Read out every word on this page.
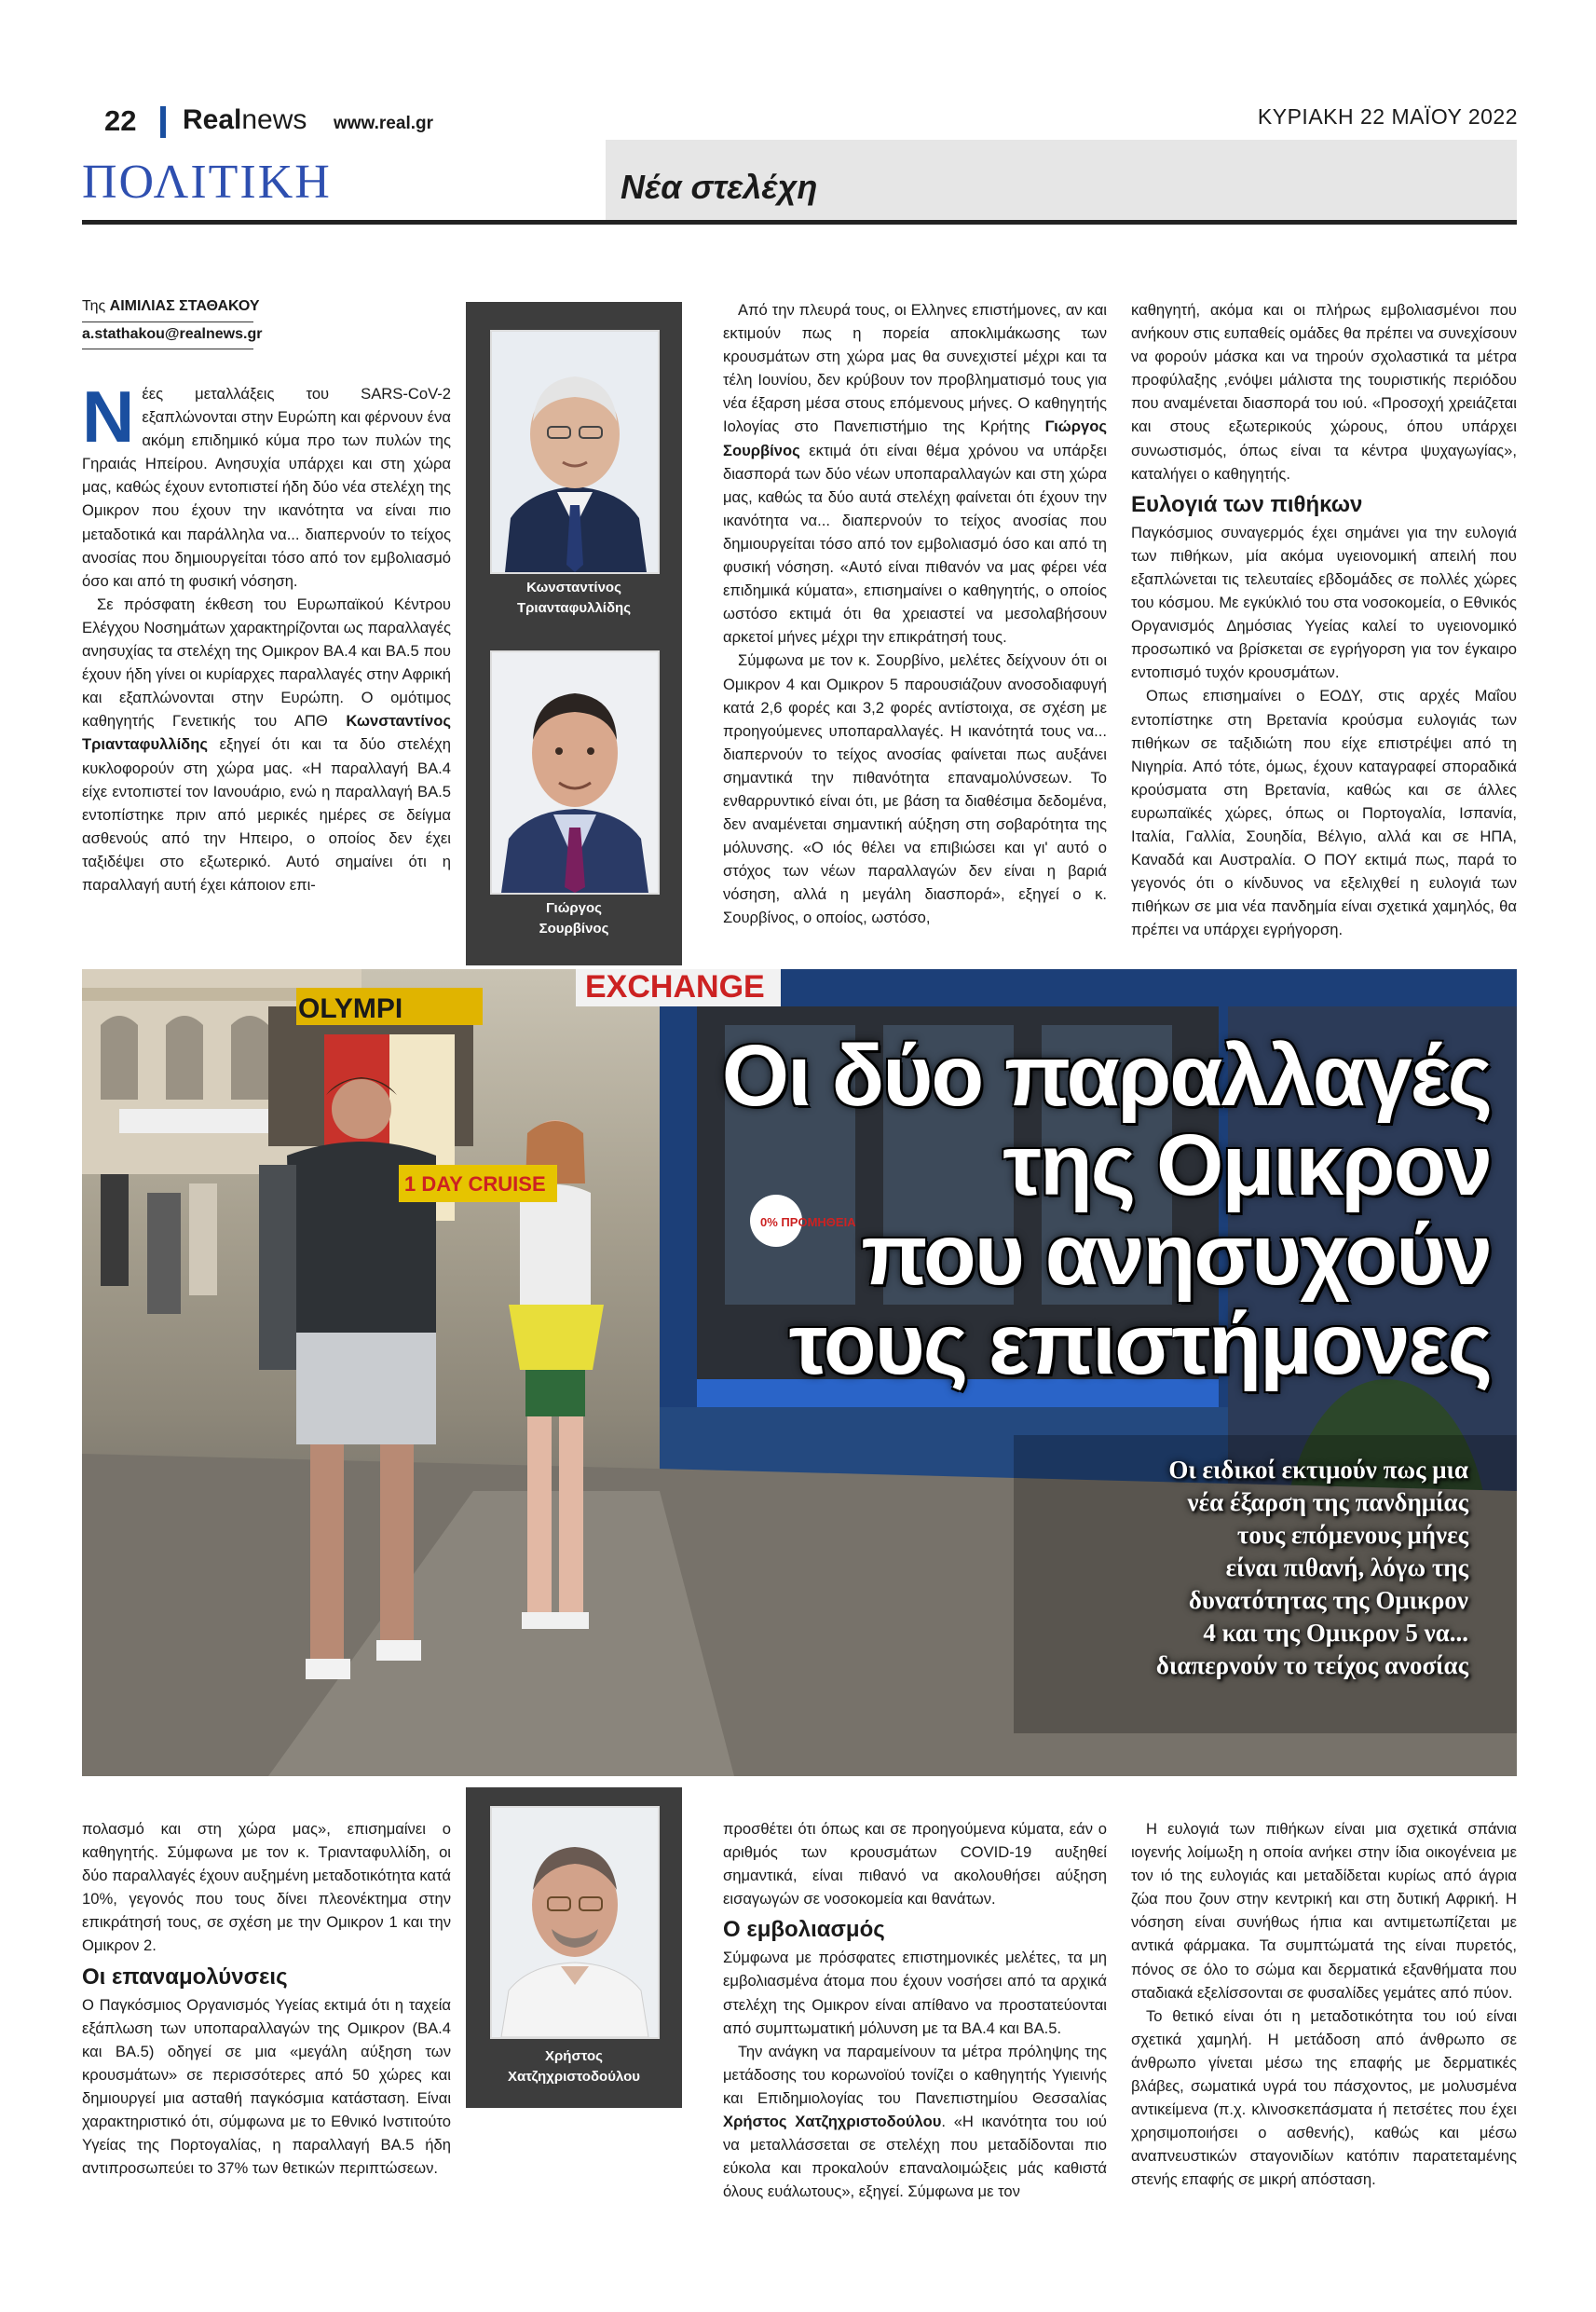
22 Realnews www.real.gr	ΚΥΡΙΑΚΗ 22 ΜΑΪΟΥ 2022
ΠΟΛΙΤΙΚΗ	Νέα στελέχη
Της ΑΙΜΙΛΙΑΣ ΣΤΑΘΑΚΟΥ
a.stathakou@realnews.gr

Νέες μεταλλάξεις του SARS-CoV-2 εξαπλώνονται στην Ευρώπη και φέρνουν ένα ακόμη επιδημικό κύμα προ των πυλών της Γηραιάς Ηπείρου. Ανησυχία υπάρχει και στη χώρα μας, καθώς έχουν εντοπιστεί ήδη δύο νέα στελέχη της Ομικρον που έχουν την ικανότητα να είναι πιο μεταδοτικά και παράλληλα να... διαπερνούν το τείχος ανοσίας που δημιουργείται τόσο από τον εμβολιασμό όσο και από τη φυσική νόσηση.

Σε πρόσφατη έκθεση του Ευρωπαϊκού Κέντρου Ελέγχου Νοσημάτων χαρακτηρίζονται ως παραλλαγές ανησυχίας τα στελέχη της Ομικρον ΒΑ.4 και ΒΑ.5 που έχουν ήδη γίνει οι κυρίαρχες παραλλαγές στην Αφρική και εξαπλώνονται στην Ευρώπη. Ο ομότιμος καθηγητής Γενετικής του ΑΠΘ Κωνσταντίνος Τριανταφυλλίδης εξηγεί ότι και τα δύο στελέχη κυκλοφορούν στη χώρα μας. «Η παραλλαγή ΒΑ.4 είχε εντοπιστεί τον Ιανουάριο, ενώ η παραλλαγή ΒΑ.5 εντοπίστηκε πριν από μερικές ημέρες σε δείγμα ασθενούς από την Ηπειρο, ο οποίος δεν έχει ταξιδέψει στο εξωτερικό. Αυτό σημαίνει ότι η παραλλαγή αυτή έχει κάποιον επι-

Κωνσταντίνος
Τριανταφυλλίδης
Γιώργος
Σουρβίνος

Από την πλευρά τους, οι Ελληνες επιστήμονες, αν και εκτιμούν πως η πορεία αποκλιμάκωσης των κρουσμάτων στη χώρα μας θα συνεχιστεί μέχρι και τα τέλη Ιουνίου, δεν κρύβουν τον προβληματισμό τους για νέα έξαρση μέσα στους επόμενους μήνες. Ο καθηγητής Ιολογίας στο Πανεπιστήμιο της Κρήτης Γιώργος Σουρβίνος εκτιμά ότι είναι θέμα χρόνου να υπάρξει διασπορά των δύο νέων υποπαραλλαγών και στη χώρα μας, καθώς τα δύο αυτά στελέχη φαίνεται ότι έχουν την ικανότητα να... διαπερνούν το τείχος ανοσίας που δημιουργείται τόσο από τον εμβολιασμό όσο και από τη φυσική νόσηση. «Αυτό είναι πιθανόν να μας φέρει νέα επιδημικά κύματα», επισημαίνει ο καθηγητής, ο οποίος ωστόσο εκτιμά ότι θα χρειαστεί να μεσολαβήσουν αρκετοί μήνες μέχρι την επικράτησή τους.

Σύμφωνα με τον κ. Σουρβίνο, μελέτες δείχνουν ότι οι Ομικρον 4 και Ομικρον 5 παρουσιάζουν ανοσοδιαφυγή κατά 2,6 φορές και 3,2 φορές αντίστοιχα, σε σχέση με προηγούμενες υποπαραλλαγές. Η ικανότητά τους να... διαπερνούν το τείχος ανοσίας φαίνεται πως αυξάνει σημαντικά την πιθανότητα επαναμολύνσεων. Το ενθαρρυντικό είναι ότι, με βάση τα διαθέσιμα δεδομένα, δεν αναμένεται σημαντική αύξηση στη σοβαρότητα της μόλυνσης. «Ο ιός θέλει να επιβιώσει και γι' αυτό ο στόχος των νέων παραλλαγών δεν είναι η βαριά νόσηση, αλλά η μεγάλη διασπορά», εξηγεί ο κ. Σουρβίνος, ο οποίος, ωστόσο,

καθηγητή, ακόμα και οι πλήρως εμβολιασμένοι που ανήκουν στις ευπαθείς ομάδες θα πρέπει να συνεχίσουν να φορούν μάσκα και να τηρούν σχολαστικά τα μέτρα προφύλαξης ,ενόψει μάλιστα της τουριστικής περιόδου που αναμένεται διασπορά του ιού. «Προσοχή χρειάζεται και στους εξωτερικούς χώρους, όπου υπάρχει συνωστισμός, όπως είναι τα κέντρα ψυχαγωγίας», καταλήγει ο καθηγητής.

Ευλογιά των πιθήκων

Παγκόσμιος συναγερμός έχει σημάνει για την ευλογιά των πιθήκων, μία ακόμα υγειονομική απειλή που εξαπλώνεται τις τελευταίες εβδομάδες σε πολλές χώρες του κόσμου. Με εγκύκλιό του στα νοσοκομεία, ο Εθνικός Οργανισμός Δημόσιας Υγείας καλεί το υγειονομικό προσωπικό να βρίσκεται σε εγρήγορση για τον έγκαιρο εντοπισμό τυχόν κρουσμάτων.

Οπως επισημαίνει ο ΕΟΔΥ, στις αρχές Μαΐου εντοπίστηκε στη Βρετανία κρούσμα ευλογιάς των πιθήκων σε ταξιδιώτη που είχε επιστρέψει από τη Νιγηρία. Από τότε, όμως, έχουν καταγραφεί σποραδικά κρούσματα στη Βρετανία, καθώς και σε άλλες ευρωπαϊκές χώρες, όπως οι Πορτογαλία, Ισπανία, Ιταλία, Γαλλία, Σουηδία, Βέλγιο, αλλά και σε ΗΠΑ, Καναδά και Αυστραλία. Ο ΠΟΥ εκτιμά πως, παρά το γεγονός ότι ο κίνδυνος να εξελιχθεί η ευλογιά των πιθήκων σε μια νέα πανδημία είναι σχετικά χαμηλός, θα πρέπει να υπάρχει εγρήγορση.

EXCHANGE
OLYMPI
1 DAY CRUISE
0% ΠΡΟΜΗΘΕΙΑ
Οι δύο παραλλαγές
της Ομικρον
που ανησυχούν
τους επιστήμονες
Οι ειδικοί εκτιμούν πως μια
νέα έξαρση της πανδημίας
τους επόμενους μήνες
είναι πιθανή, λόγω της
δυνατότητας της Ομικρον
4 και της Ομικρον 5 να...
διαπερνούν το τείχος ανοσίας

πολασμό και στη χώρα μας», επισημαίνει ο καθηγητής. Σύμφωνα με τον κ. Τριανταφυλλίδη, οι δύο παραλλαγές έχουν αυξημένη μεταδοτικότητα κατά 10%, γεγονός που τους δίνει πλεονέκτημα στην επικράτησή τους, σε σχέση με την Ομικρον 1 και την Ομικρον 2.

Οι επαναμολύνσεις

Ο Παγκόσμιος Οργανισμός Υγείας εκτιμά ότι η ταχεία εξάπλωση των υποπαραλλαγών της Ομικρον (ΒΑ.4 και ΒΑ.5) οδηγεί σε μια «μεγάλη αύξηση των κρουσμάτων» σε περισσότερες από 50 χώρες και δημιουργεί μια ασταθή παγκόσμια κατάσταση. Είναι χαρακτηριστικό ότι, σύμφωνα με το Εθνικό Ινστιτούτο Υγείας της Πορτογαλίας, η παραλλαγή ΒΑ.5 ήδη αντιπροσωπεύει το 37% των θετικών περιπτώσεων.

Χρήστος
Χατζηχριστοδούλου

προσθέτει ότι όπως και σε προηγούμενα κύματα, εάν ο αριθμός των κρουσμάτων COVID-19 αυξηθεί σημαντικά, είναι πιθανό να ακολουθήσει αύξηση εισαγωγών σε νοσοκομεία και θανάτων.

Ο εμβολιασμός

Σύμφωνα με πρόσφατες επιστημονικές μελέτες, τα μη εμβολιασμένα άτομα που έχουν νοσήσει από τα αρχικά στελέχη της Ομικρον είναι απίθανο να προστατεύονται από συμπτωματική μόλυνση με τα ΒΑ.4 και ΒΑ.5.

Την ανάγκη να παραμείνουν τα μέτρα πρόληψης της μετάδοσης του κορωνοϊού τονίζει ο καθηγητής Υγιεινής και Επιδημιολογίας του Πανεπιστημίου Θεσσαλίας Χρήστος Χατζηχριστοδούλου. «Η ικανότητα του ιού να μεταλλάσσεται σε στελέχη που μεταδίδονται πιο εύκολα και προκαλούν επαναλοιμώξεις μάς καθιστά όλους ευάλωτους», εξηγεί. Σύμφωνα με τον

Η ευλογιά των πιθήκων είναι μια σχετικά σπάνια ιογενής λοίμωξη η οποία ανήκει στην ίδια οικογένεια με τον ιό της ευλογιάς και μεταδίδεται κυρίως από άγρια ζώα που ζουν στην κεντρική και στη δυτική Αφρική. Η νόσηση είναι συνήθως ήπια και αντιμετωπίζεται με αντικά φάρμακα. Τα συμπτώματά της είναι πυρετός, πόνος σε όλο το σώμα και δερματικά εξανθήματα που σταδιακά εξελίσσονται σε φυσαλίδες γεμάτες από πύον.

Το θετικό είναι ότι η μεταδοτικότητα του ιού είναι σχετικά χαμηλή. Η μετάδοση από άνθρωπο σε άνθρωπο γίνεται μέσω της επαφής με δερματικές βλάβες, σωματικά υγρά του πάσχοντος, με μολυσμένα αντικείμενα (π.χ. κλινοσκεπάσματα ή πετσέτες που έχει χρησιμοποιήσει ο ασθενής), καθώς και μέσω αναπνευστικών σταγονιδίων κατόπιν παρατεταμένης στενής επαφής σε μικρή απόσταση.
